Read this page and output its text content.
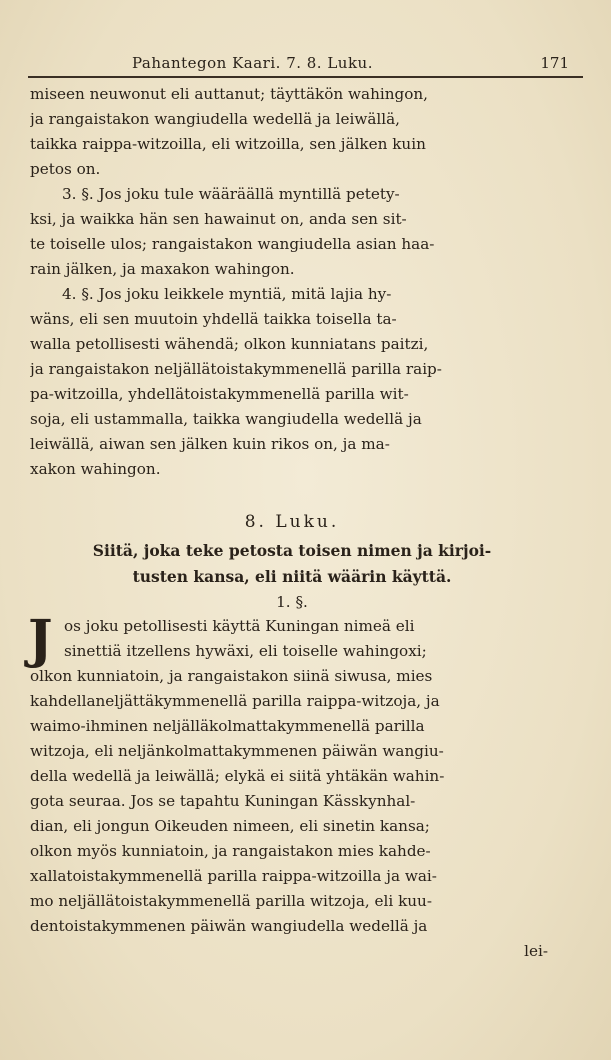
Pahantegon Kaari. 7. 8. Luku.	171
miseen neuwonut eli auttanut; täyttäkön wahingon,
ja rangaistakon wangiudella wedellä ja leiwällä,
taikka raippa-witzoilla, eli witzoilla, sen jälken kuin
petos on.
3. §. Jos joku tule wääräällä myntillä petety-
ksi, ja waikka hän sen hawainut on, anda sen sit-
te toiselle ulos; rangaistakon wangiudella asian haa-
rain jälken, ja maxakon wahingon.
4. §. Jos joku leikkele myntiä, mitä lajia hy-
wäns, eli sen muutoin yhdellä taikka toisella ta-
walla petollisesti wähendä; olkon kunniatans paitzi,
ja rangaistakon neljällätoistakymmenellä parilla raip-
pa-witzoilla, yhdellätoistakymmenellä parilla wit-
soja, eli ustammalla, taikka wangiudella wedellä ja
leiwällä, aiwan sen jälken kuin rikos on, ja ma-
xakon wahingon.
8. Luku.
Siitä, joka teke petosta toisen nimen ja kirjoi-
tusten kansa, eli niitä wäärin käyttä.
1. §.
J os joku petollisesti käyttä Kuningan nimeä eli
sinettiä itzellens hywäxi, eli toiselle wahingoxi;
olkon kunniatoin, ja rangaistakon siinä siwusa, mies
kahdellaneljättäkymmenellä parilla raippa-witzoja, ja
waimo-ihminen neljälläkolmattakymmenellä parilla
witzoja, eli neljänkolmattakymmenen päiwän wangiu-
della wedellä ja leiwällä; elykä ei siitä yhtäkän wahin-
gota seuraa. Jos se tapahtu Kuningan Kässkynhal-
dian, eli jongun Oikeuden nimeen, eli sinetin kansa;
olkon myös kunniatoin, ja rangaistakon mies kahde-
xallatoistakymmenellä parilla raippa-witzoilla ja wai-
mo neljällätoistakymmenellä parilla witzoja, eli kuu-
dentoistakymmenen päiwän wangiudella wedellä ja
lei-
